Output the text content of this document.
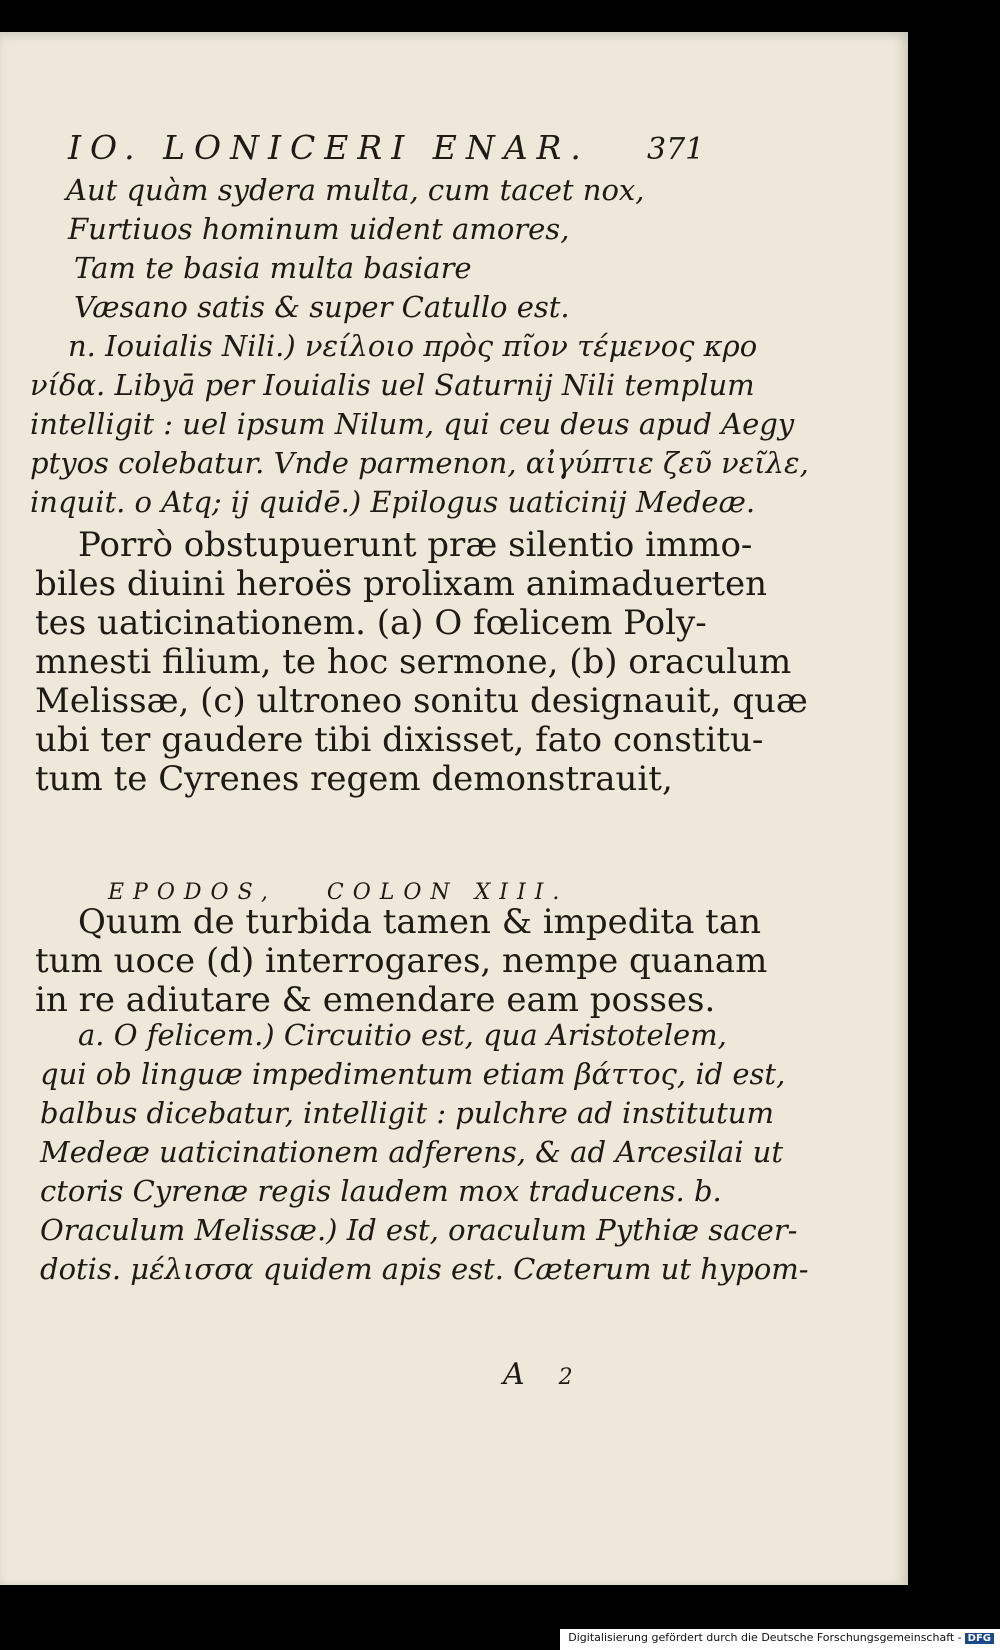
IO. LONICERI ENAR. 371
Aut quàm sydera multa, cum tacet nox,
Furtiuos hominum uident amores,
Tam te basia multa basiare
Væsano satis & super Catullo est.
n. Iouialis Nili.) νείλοιο πρὸς πῖον τέμενος κρο
νίδα. Libyā per Iouialis uel Saturnij Nili templum
intelligit : uel ipsum Nilum, qui ceu deus apud Aegy
ptyos colebatur. Vnde parmenon, αἰγύπτιε ζεῦ νεῖλε,
inquit. o Atq; ij quidē.) Epilogus uaticinij Medeæ.
Porrò obstupuerunt præ silentio immo-
biles diuini heroës prolixam animaduerten
tes uaticinationem. (a) O fœlicem Poly-
mnesti filium, te hoc sermone, (b) oraculum
Melissæ, (c) ultroneo sonitu designauit, quæ
ubi ter gaudere tibi dixisset, fato constitu-
tum te Cyrenes regem demonstrauit,
EPODOS, COLON XIII.
Quum de turbida tamen & impedita tan
tum uoce (d) interrogares, nempe quanam
in re adiutare & emendare eam posses.
a. O felicem.) Circuitio est, qua Aristotelem,
qui ob linguæ impedimentum etiam βάττος, id est,
balbus dicebatur, intelligit : pulchre ad institutum
Medeæ uaticinationem adferens, & ad Arcesilai ut
ctoris Cyrenæ regis laudem mox traducens. b.
Oraculum Melissæ.) Id est, oraculum Pythiæ sacer-
dotis. μέλισσα quidem apis est. Cæterum ut hypom-
A 2
Digitalisierung gefördert durch die Deutsche Forschungsgemeinschaft - DFG
